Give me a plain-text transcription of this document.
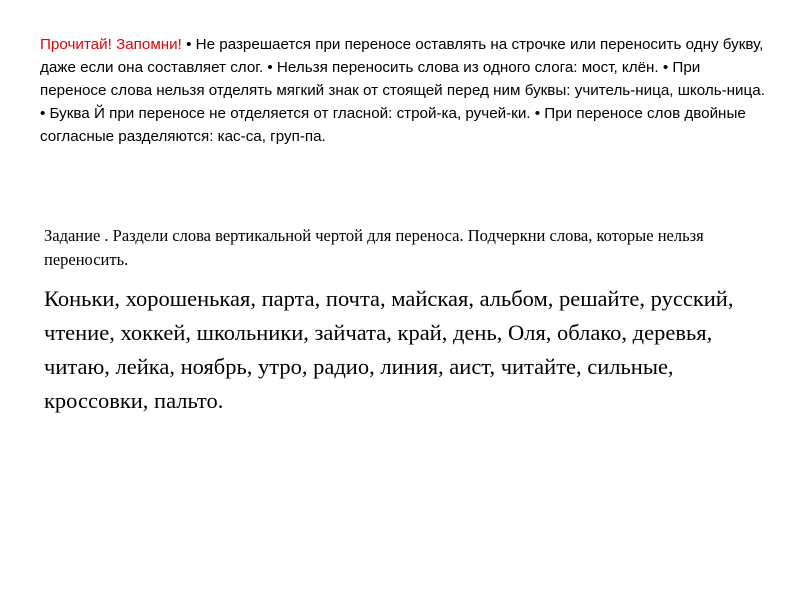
Прочитай! Запомни! • Не разрешается при переносе оставлять на строчке или переносить одну букву, даже если она составляет слог. • Нельзя переносить слова из одного слога: мост, клён. • При переносе слова нельзя отделять мягкий знак от стоящей перед ним буквы: учитель-ница, школь-ница. • Буква Й при переносе не отделяется от гласной: строй-ка, ручей-ки. • При переносе слов двойные согласные разделяются: кас-са, груп-па.

Задание . Раздели слова вертикальной чертой для переноса. Подчеркни слова, которые нельзя переносить.

Коньки, хорошенькая, парта, почта, майская, альбом, решайте, русский, чтение, хоккей, школьники, зайчата, край, день, Оля, облако, деревья, читаю, лейка, ноябрь, утро, радио, линия, аист, читайте, сильные, кроссовки, пальто.
